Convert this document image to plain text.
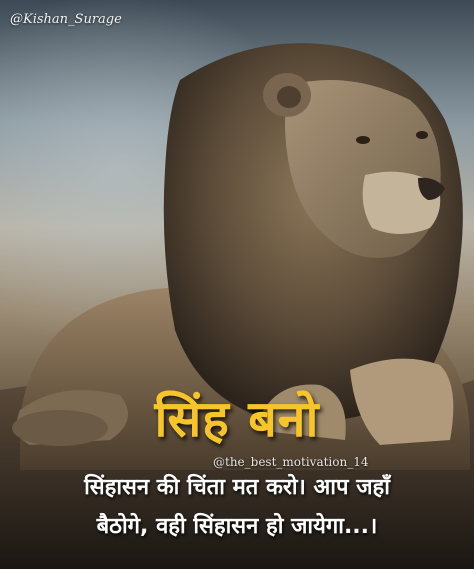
@Kishan_Surage
सिंह बनो
@the_best_motivation_14
सिंहासन की चिंता मत करो। आप जहाँ
बैठोगे, वही सिंहासन हो जायेगा...।
